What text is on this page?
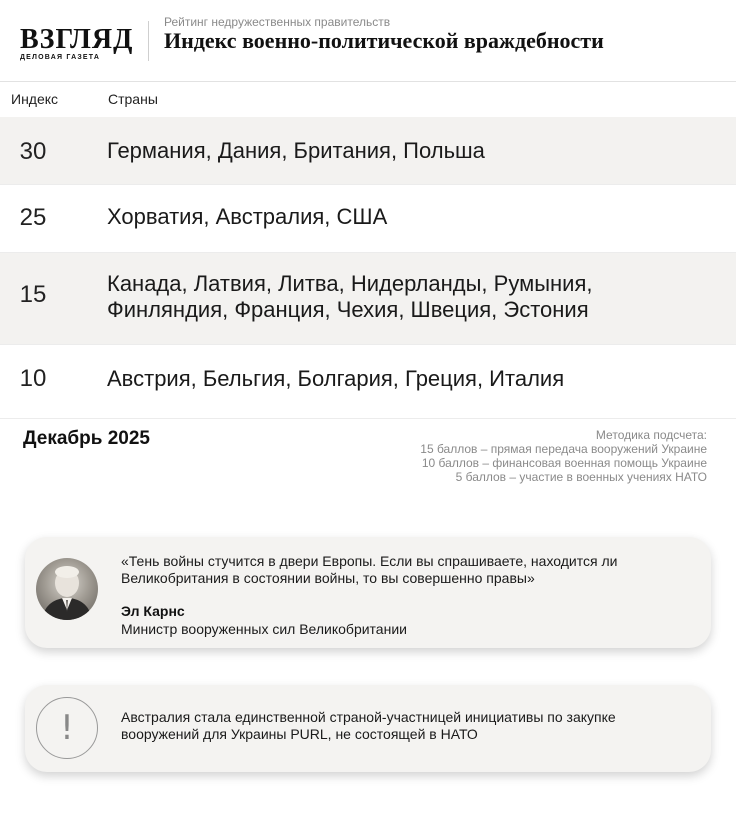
ВЗГЛЯД
ДЕЛОВАЯ ГАЗЕТА
Рейтинг недружественных правительств
Индекс военно-политической враждебности
Индекс	Страны
30	Германия, Дания, Британия, Польша
25	Хорватия, Австралия, США
15	Канада, Латвия, Литва, Нидерланды, Румыния, Финляндия, Франция, Чехия, Швеция, Эстония
10	Австрия, Бельгия, Болгария, Греция, Италия
Декабрь 2025	Методика подсчета:
15 баллов – прямая передача вооружений Украине
10 баллов – финансовая военная помощь Украине
5 баллов – участие в военных учениях НАТО
«Тень войны стучится в двери Европы. Если вы спрашиваете, находится ли Великобритания в состоянии войны, то вы совершенно правы»
Эл Карнс
Министр вооруженных сил Великобритании
!	Австралия стала единственной страной-участницей инициативы по закупке вооружений для Украины PURL, не состоящей в НАТО
